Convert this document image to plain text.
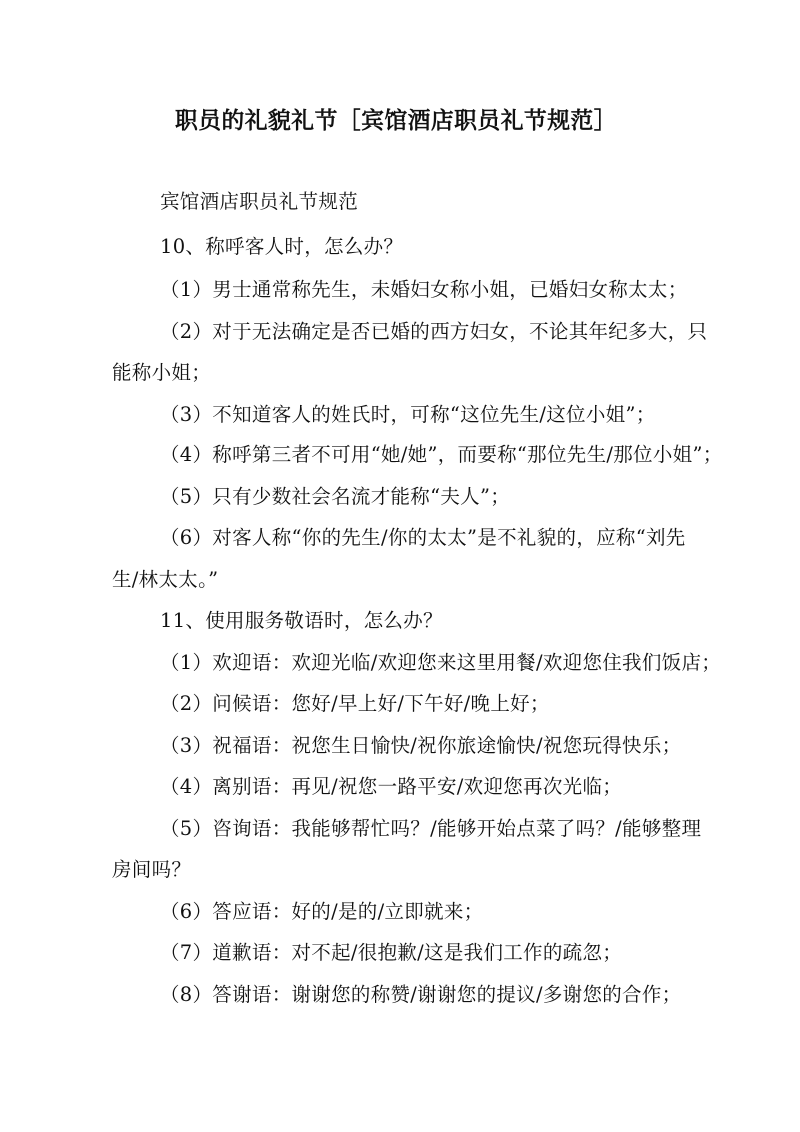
职员的礼貌礼节［宾馆酒店职员礼节规范］
宾馆酒店职员礼节规范
10、称呼客人时，怎么办？
（1）男士通常称先生，未婚妇女称小姐，已婚妇女称太太；
（2）对于无法确定是否已婚的西方妇女，不论其年纪多大，只
能称小姐；
（3）不知道客人的姓氏时，可称“这位先生/这位小姐”；
（4）称呼第三者不可用“她/她”，而要称“那位先生/那位小姐”；
（5）只有少数社会名流才能称“夫人”；
（6）对客人称“你的先生/你的太太”是不礼貌的，应称“刘先
生/林太太。”
11、使用服务敬语时，怎么办？
（1）欢迎语：欢迎光临/欢迎您来这里用餐/欢迎您住我们饭店；
（2）问候语：您好/早上好/下午好/晚上好；
（3）祝福语：祝您生日愉快/祝你旅途愉快/祝您玩得快乐；
（4）离别语：再见/祝您一路平安/欢迎您再次光临；
（5）咨询语：我能够帮忙吗？/能够开始点菜了吗？/能够整理
房间吗？
（6）答应语：好的/是的/立即就来；
（7）道歉语：对不起/很抱歉/这是我们工作的疏忽；
（8）答谢语：谢谢您的称赞/谢谢您的提议/多谢您的合作；
